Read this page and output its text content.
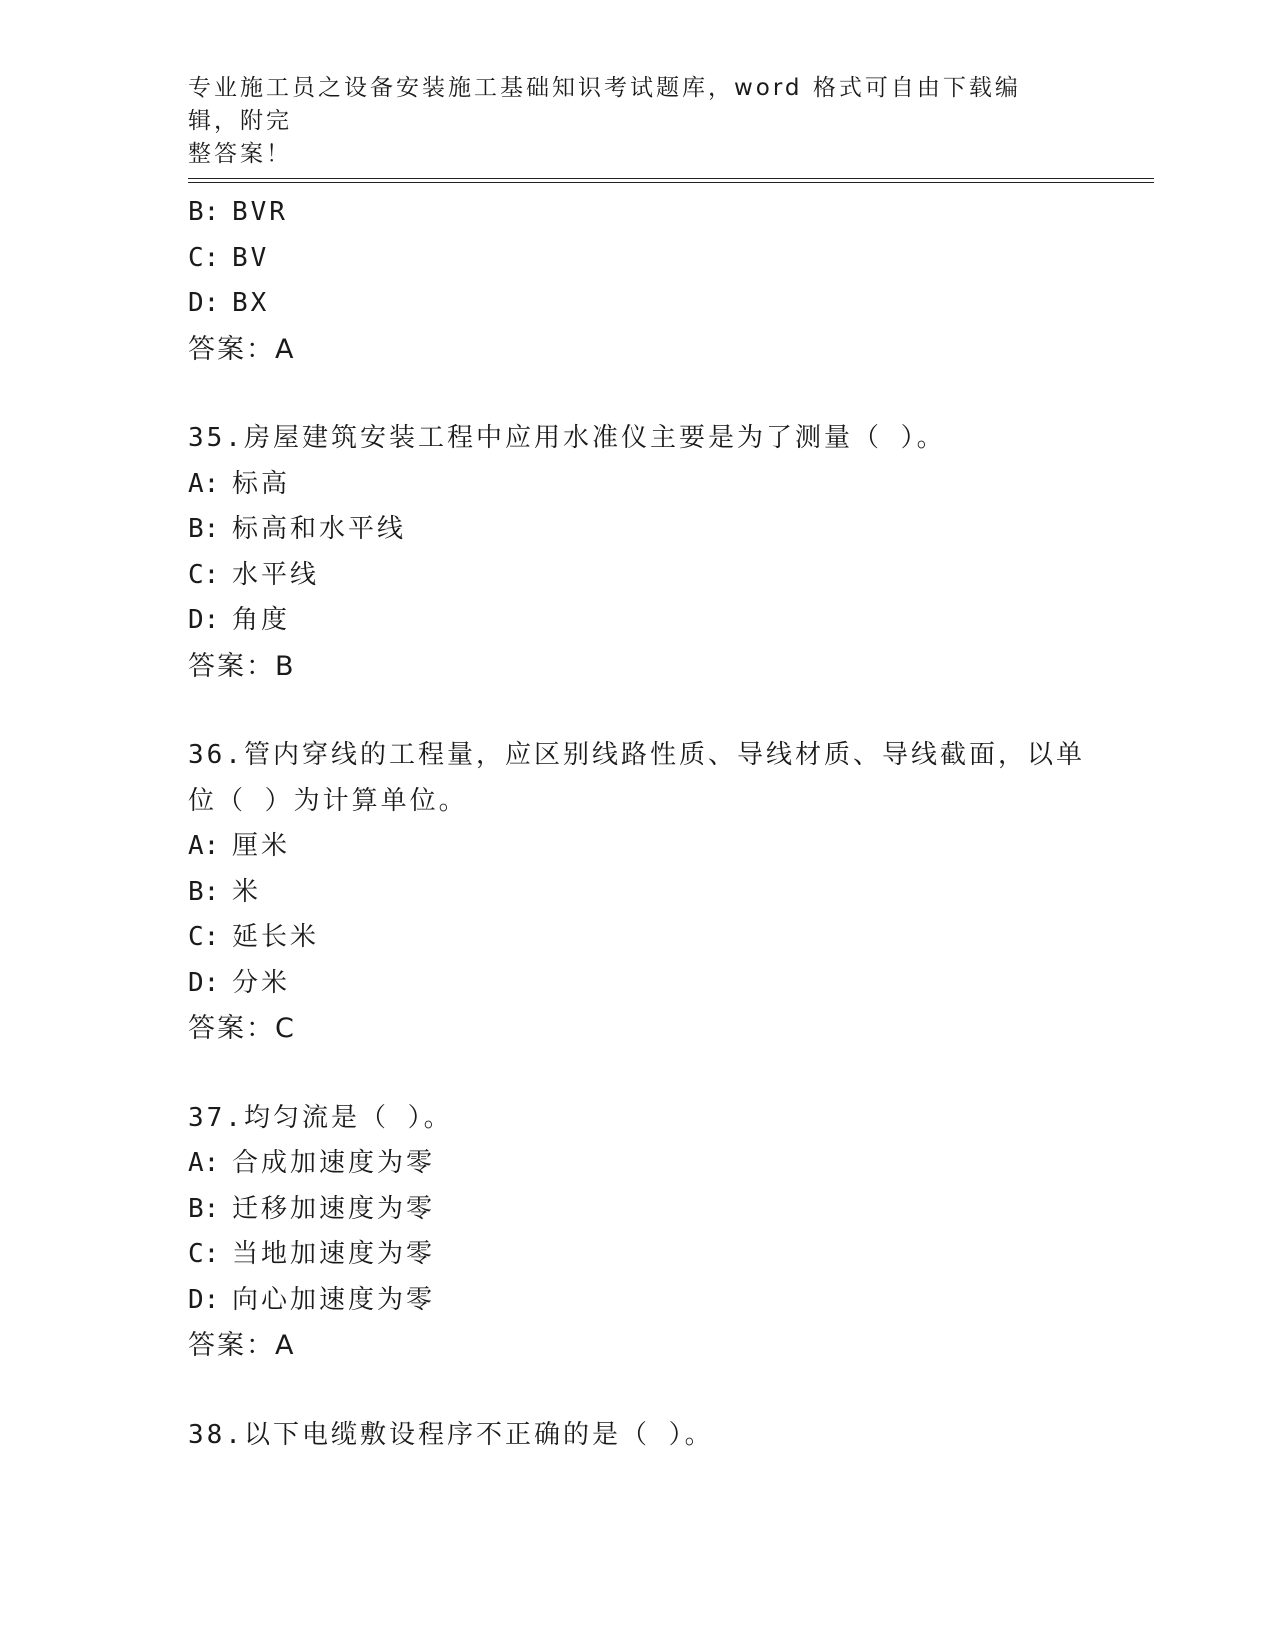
专业施工员之设备安装施工基础知识考试题库，word 格式可自由下载编辑，附完
整答案！
B: BVR
C: BV
D: BX
答案：A
35.房屋建筑安装工程中应用水准仪主要是为了测量（ ）。
A: 标高
B: 标高和水平线
C: 水平线
D: 角度
答案：B
36.管内穿线的工程量，应区别线路性质、导线材质、导线截面，以单
位（ ）为计算单位。
A: 厘米
B: 米
C: 延长米
D: 分米
答案：C
37.均匀流是（ ）。
A: 合成加速度为零
B: 迁移加速度为零
C: 当地加速度为零
D: 向心加速度为零
答案：A
38.以下电缆敷设程序不正确的是（ ）。
